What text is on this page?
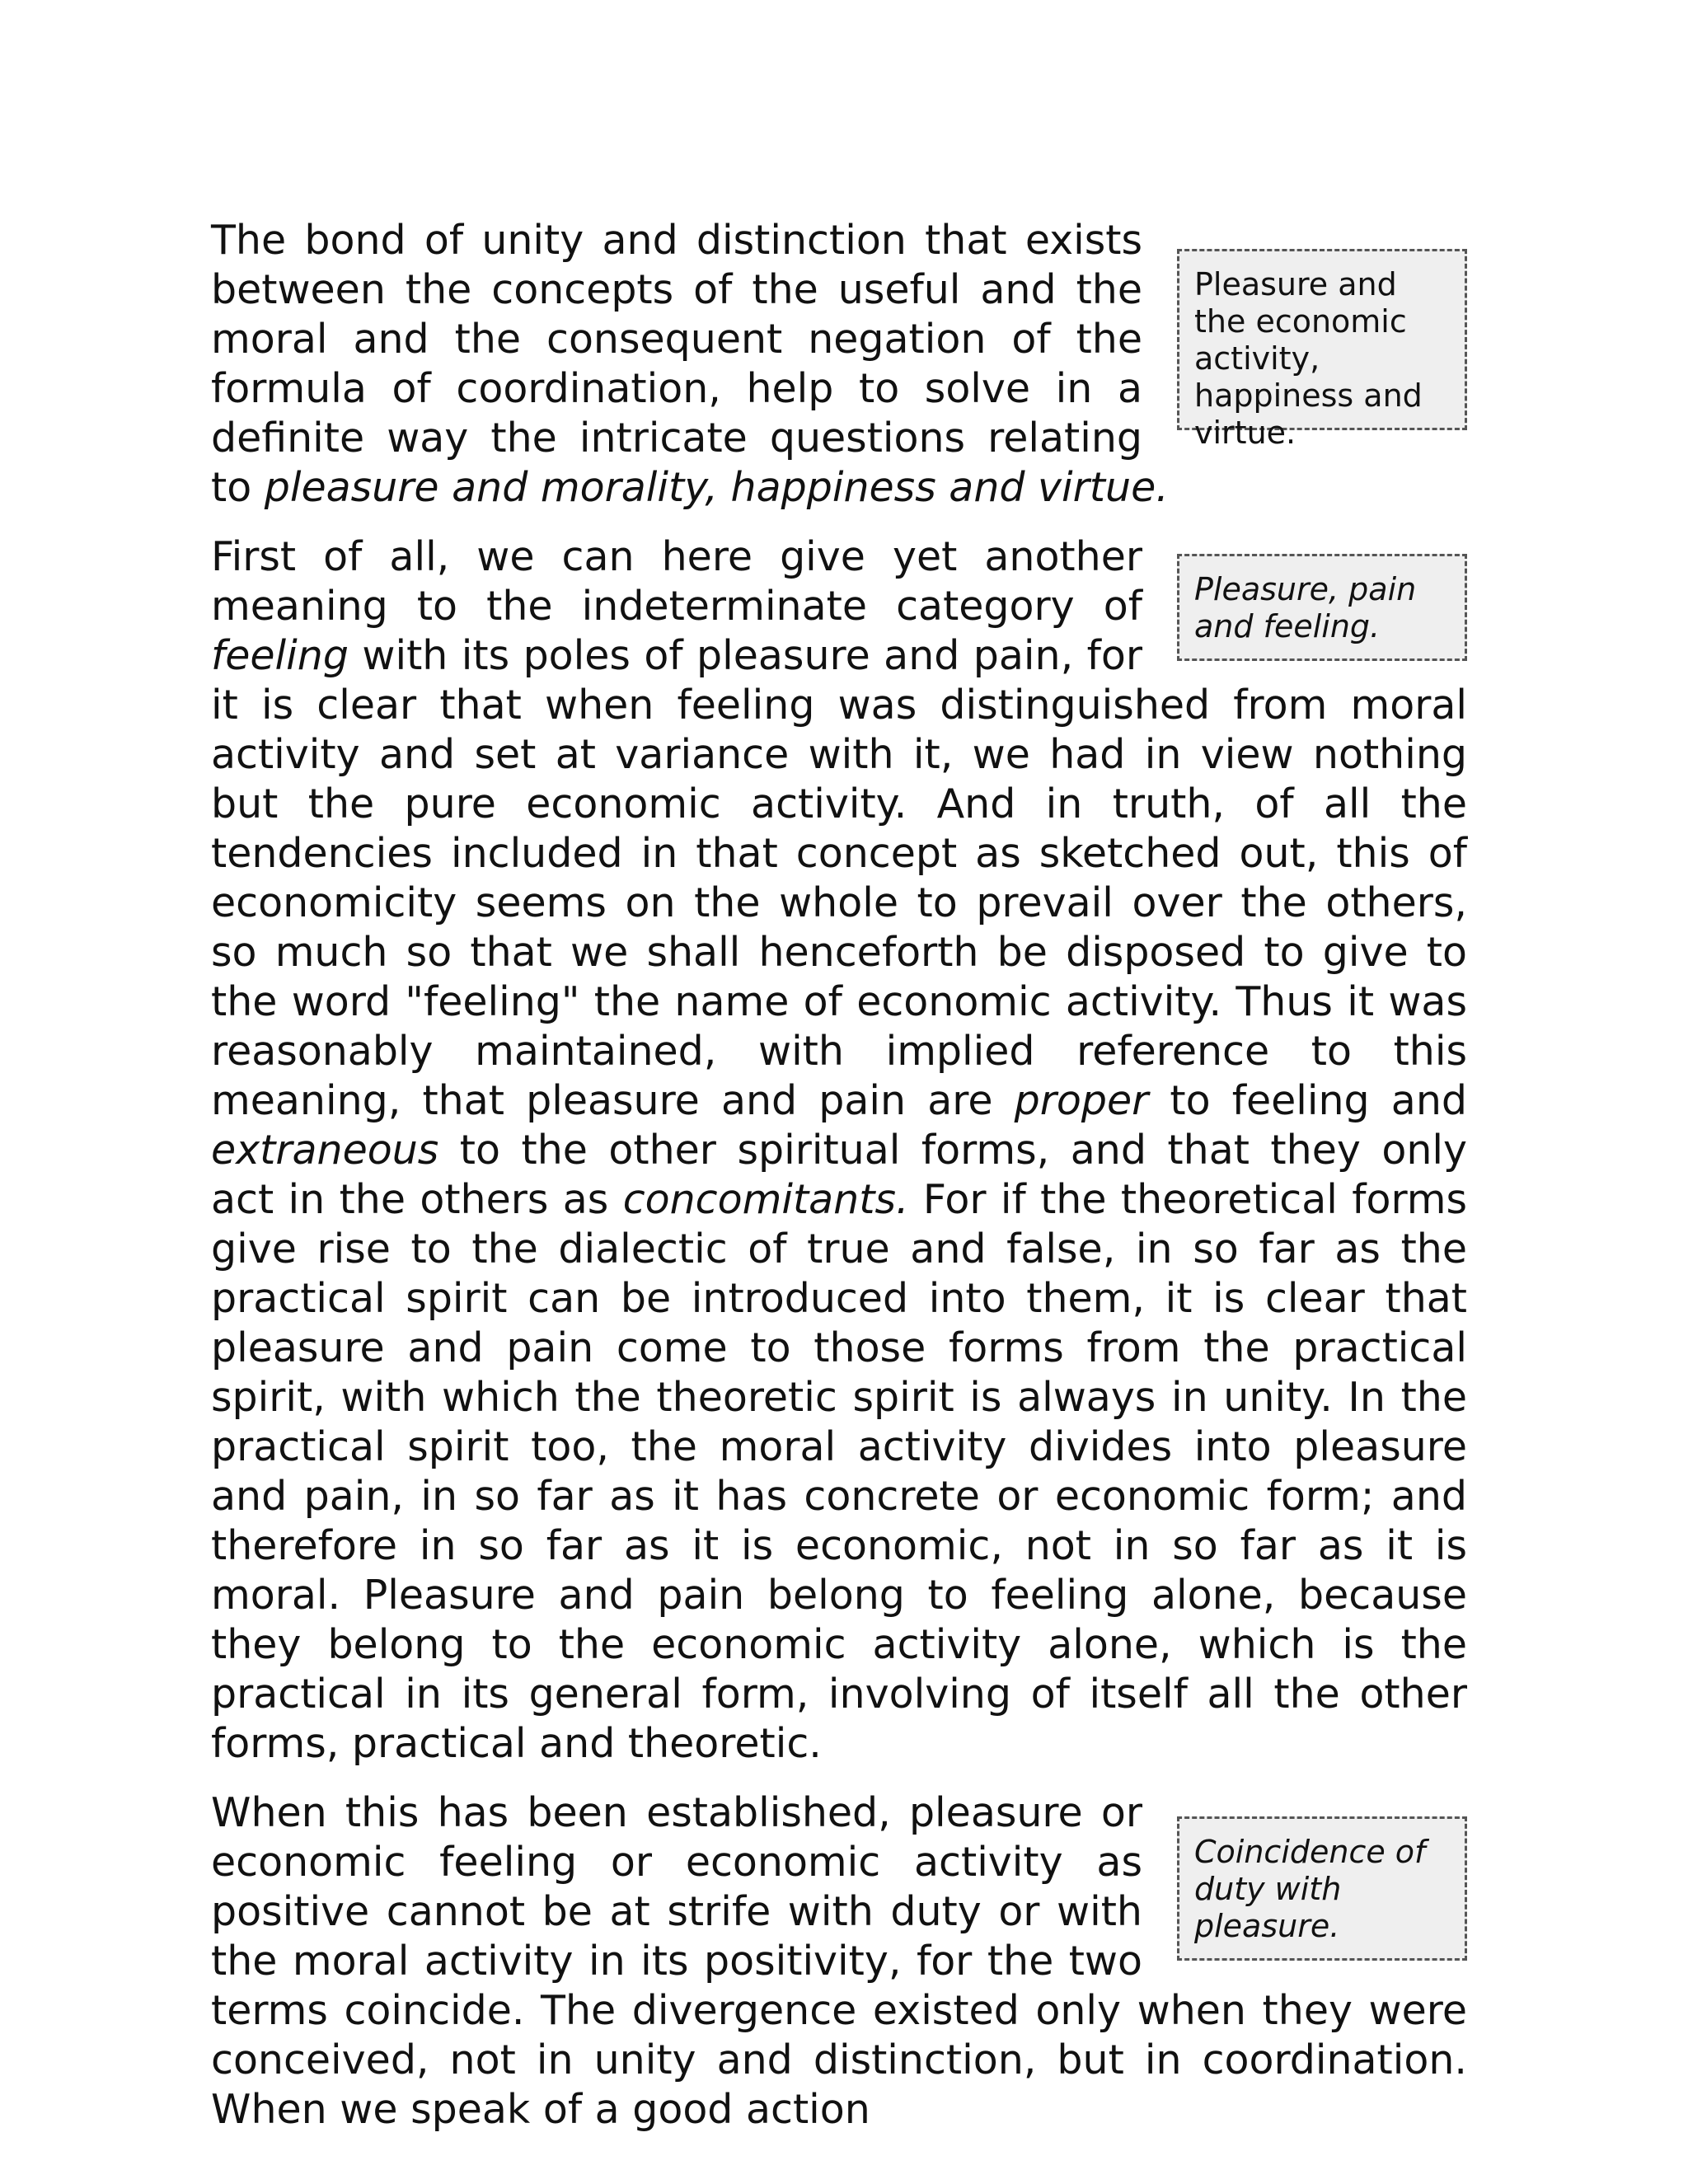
Pleasure and the economic activity, happiness and virtue.

The bond of unity and distinction that exists between the concepts of the useful and the moral and the consequent negation of the formula of coordination, help to solve in a definite way the intricate questions relating to pleasure and morality, happiness and virtue.

Pleasure, pain and feeling.

First of all, we can here give yet another meaning to the indeterminate category of feeling with its poles of pleasure and pain, for it is clear that when feeling was distinguished from moral activity and set at variance with it, we had in view nothing but the pure economic activity. And in truth, of all the tendencies included in that concept as sketched out, this of economicity seems on the whole to prevail over the others, so much so that we shall henceforth be disposed to give to the word "feeling" the name of economic activity. Thus it was reasonably maintained, with implied reference to this meaning, that pleasure and pain are proper to feeling and extraneous to the other spiritual forms, and that they only act in the others as concomitants. For if the theoretical forms give rise to the dialectic of true and false, in so far as the practical spirit can be introduced into them, it is clear that pleasure and pain come to those forms from the practical spirit, with which the theoretic spirit is always in unity. In the practical spirit too, the moral activity divides into pleasure and pain, in so far as it has concrete or economic form; and therefore in so far as it is economic, not in so far as it is moral. Pleasure and pain belong to feeling alone, because they belong to the economic activity alone, which is the practical in its general form, involving of itself all the other forms, practical and theoretic.

Coincidence of duty with pleasure.

When this has been established, pleasure or economic feeling or economic activity as positive cannot be at strife with duty or with the moral activity in its positivity, for the two terms coincide. The divergence existed only when they were conceived, not in unity and distinction, but in coordination. When we speak of a good action
